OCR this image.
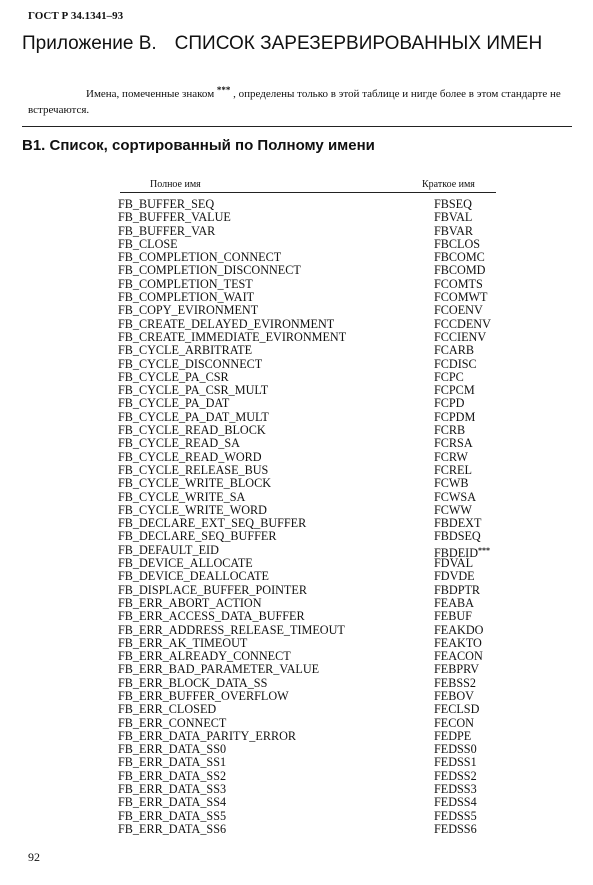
ГОСТ Р 34.1341–93
Приложение В. СПИСОК ЗАРЕЗЕРВИРОВАННЫХ ИМЕН
Имена, помеченные знаком *** , определены только в этой таблице и нигде более в этом стандарте не встречаются.
В1. Список, сортированный по Полному имени
Полное имя	Краткое имя
FB_BUFFER_SEQ	FBSEQ
FB_BUFFER_VALUE	FBVAL
FB_BUFFER_VAR	FBVAR
FB_CLOSE	FBCLOS
FB_COMPLETION_CONNECT	FBCOMC
FB_COMPLETION_DISCONNECT	FBCOMD
FB_COMPLETION_TEST	FCOMTS
FB_COMPLETION_WAIT	FCOMWT
FB_COPY_EVIRONMENT	FCOENV
FB_CREATE_DELAYED_EVIRONMENT	FCCDENV
FB_CREATE_IMMEDIATE_EVIRONMENT	FCCIENV
FB_CYCLE_ARBITRATE	FCARB
FB_CYCLE_DISCONNECT	FCDISC
FB_CYCLE_PA_CSR	FCPC
FB_CYCLE_PA_CSR_MULT	FCPCM
FB_CYCLE_PA_DAT	FCPD
FB_CYCLE_PA_DAT_MULT	FCPDM
FB_CYCLE_READ_BLOCK	FCRB
FB_CYCLE_READ_SA	FCRSA
FB_CYCLE_READ_WORD	FCRW
FB_CYCLE_RELEASE_BUS	FCREL
FB_CYCLE_WRITE_BLOCK	FCWB
FB_CYCLE_WRITE_SA	FCWSA
FB_CYCLE_WRITE_WORD	FCWW
FB_DECLARE_EXT_SEQ_BUFFER	FBDEXT
FB_DECLARE_SEQ_BUFFER	FBDSEQ
FB_DEFAULT_EID	FBDEID***
FB_DEVICE_ALLOCATE	FDVAL
FB_DEVICE_DEALLOCATE	FDVDE
FB_DISPLACE_BUFFER_POINTER	FBDPTR
FB_ERR_ABORT_ACTION	FEABA
FB_ERR_ACCESS_DATA_BUFFER	FEBUF
FB_ERR_ADDRESS_RELEASE_TIMEOUT	FEAKDO
FB_ERR_AK_TIMEOUT	FEAKTO
FB_ERR_ALREADY_CONNECT	FEACON
FB_ERR_BAD_PARAMETER_VALUE	FEBPRV
FB_ERR_BLOCK_DATA_SS	FEBSS2
FB_ERR_BUFFER_OVERFLOW	FEBOV
FB_ERR_CLOSED	FECLSD
FB_ERR_CONNECT	FECON
FB_ERR_DATA_PARITY_ERROR	FEDPE
FB_ERR_DATA_SS0	FEDSS0
FB_ERR_DATA_SS1	FEDSS1
FB_ERR_DATA_SS2	FEDSS2
FB_ERR_DATA_SS3	FEDSS3
FB_ERR_DATA_SS4	FEDSS4
FB_ERR_DATA_SS5	FEDSS5
FB_ERR_DATA_SS6	FEDSS6
92
